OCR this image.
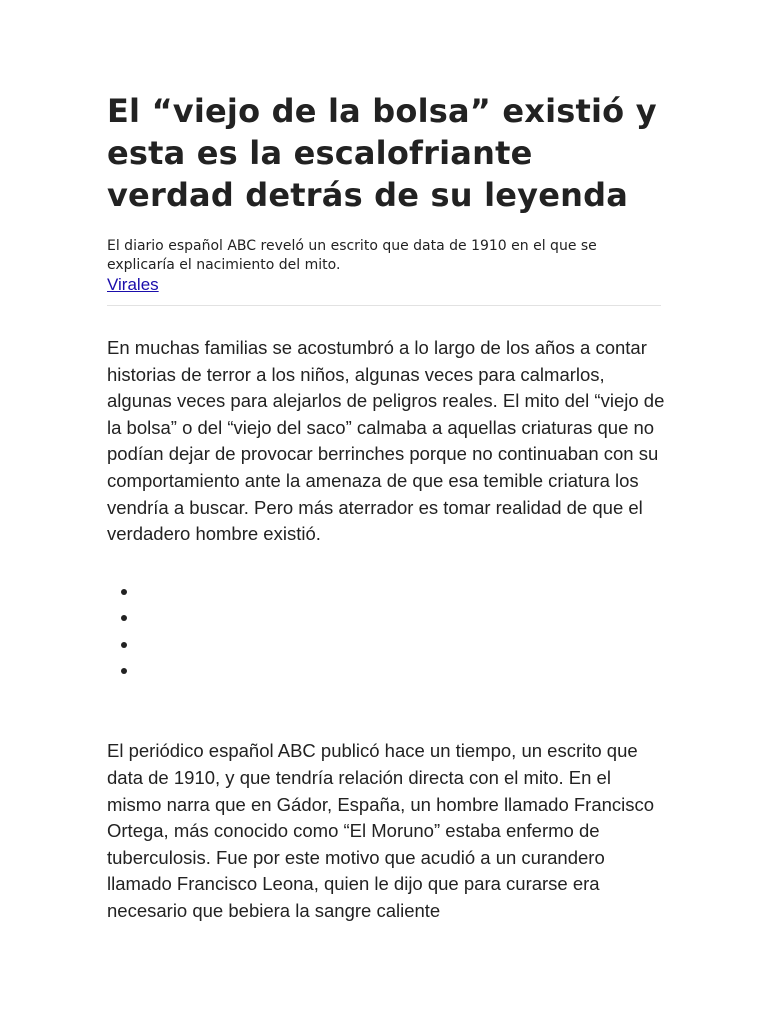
El “viejo de la bolsa” existió y esta es la escalofriante verdad detrás de su leyenda

El diario español ABC reveló un escrito que data de 1910 en el que se explicaría el nacimiento del mito.

Virales

En muchas familias se acostumbró a lo largo de los años a contar historias de terror a los niños, algunas veces para calmarlos, algunas veces para alejarlos de peligros reales. El mito del “viejo de la bolsa” o del “viejo del saco” calmaba a aquellas criaturas que no podían dejar de provocar berrinches porque no continuaban con su comportamiento ante la amenaza de que esa temible criatura los vendría a buscar. Pero más aterrador es tomar realidad de que el verdadero hombre existió.

•
•
•
•

El periódico español ABC publicó hace un tiempo, un escrito que data de 1910, y que tendría relación directa con el mito. En el mismo narra que en Gádor, España, un hombre llamado Francisco Ortega, más conocido como “El Moruno” estaba enfermo de tuberculosis. Fue por este motivo que acudió a un curandero llamado Francisco Leona, quien le dijo que para curarse era necesario que bebiera la sangre caliente
